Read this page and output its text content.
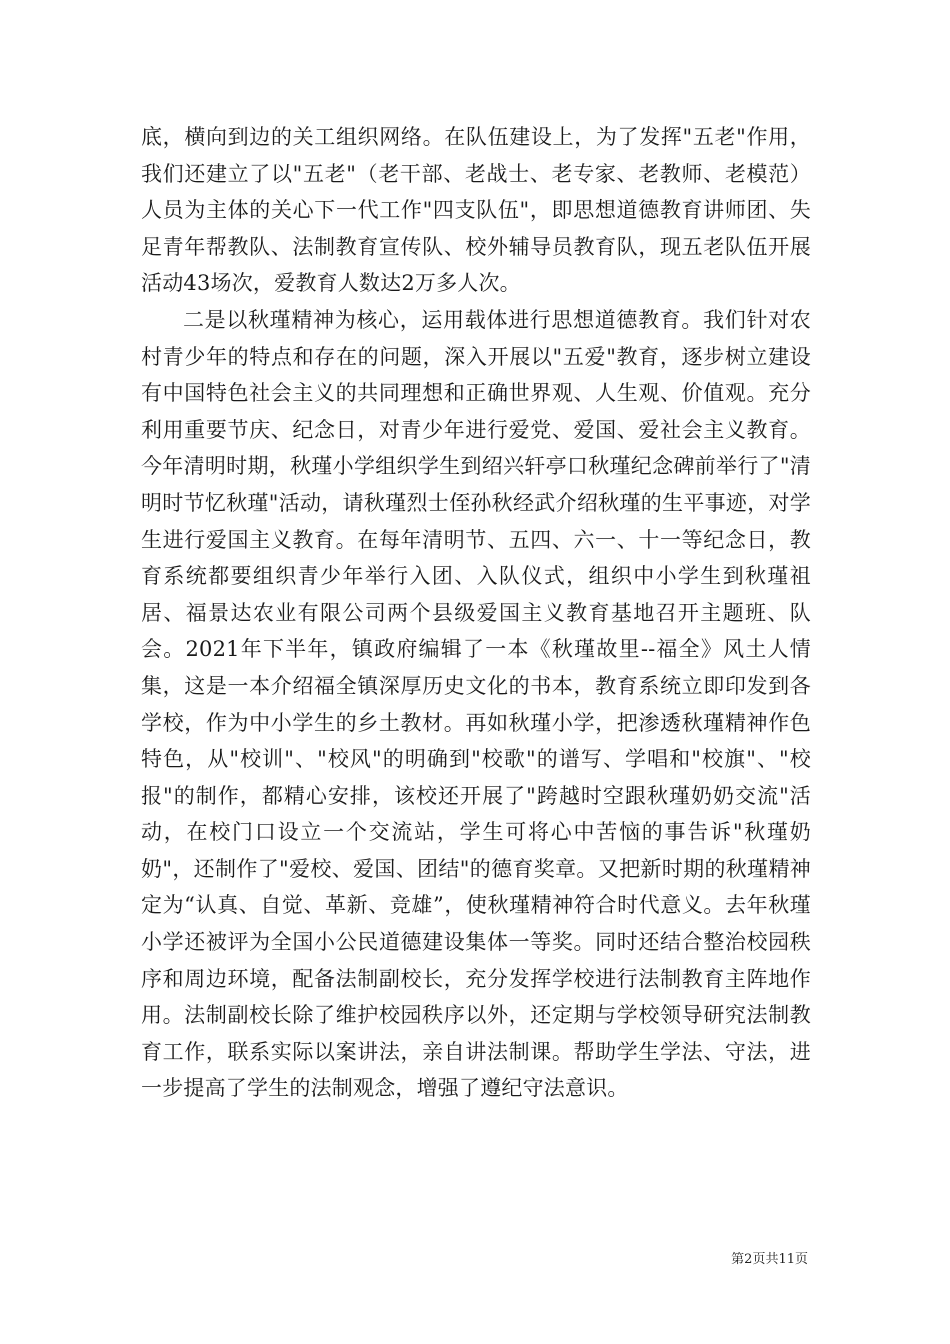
底，横向到边的关工组织网络。在队伍建设上，为了发挥"五老"作用，我们还建立了以"五老"（老干部、老战士、老专家、老教师、老模范）人员为主体的关心下一代工作"四支队伍"，即思想道德教育讲师团、失足青年帮教队、法制教育宣传队、校外辅导员教育队，现五老队伍开展活动43场次，爱教育人数达2万多人次。

二是以秋瑾精神为核心，运用载体进行思想道德教育。我们针对农村青少年的特点和存在的问题，深入开展以"五爱"教育，逐步树立建设有中国特色社会主义的共同理想和正确世界观、人生观、价值观。充分利用重要节庆、纪念日，对青少年进行爱党、爱国、爱社会主义教育。今年清明时期，秋瑾小学组织学生到绍兴轩亭口秋瑾纪念碑前举行了"清明时节忆秋瑾"活动，请秋瑾烈士侄孙秋经武介绍秋瑾的生平事迹，对学生进行爱国主义教育。在每年清明节、五四、六一、十一等纪念日，教育系统都要组织青少年举行入团、入队仪式，组织中小学生到秋瑾祖居、福景达农业有限公司两个县级爱国主义教育基地召开主题班、队会。2021年下半年，镇政府编辑了一本《秋瑾故里--福全》风土人情集，这是一本介绍福全镇深厚历史文化的书本，教育系统立即印发到各学校，作为中小学生的乡土教材。再如秋瑾小学，把渗透秋瑾精神作色特色，从"校训"、"校风"的明确到"校歌"的谱写、学唱和"校旗"、"校报"的制作，都精心安排，该校还开展了"跨越时空跟秋瑾奶奶交流"活动，在校门口设立一个交流站，学生可将心中苦恼的事告诉"秋瑾奶奶"，还制作了"爱校、爱国、团结"的德育奖章。又把新时期的秋瑾精神定为“认真、自觉、革新、竞雄”，使秋瑾精神符合时代意义。去年秋瑾小学还被评为全国小公民道德建设集体一等奖。同时还结合整治校园秩序和周边环境，配备法制副校长，充分发挥学校进行法制教育主阵地作用。法制副校长除了维护校园秩序以外，还定期与学校领导研究法制教育工作，联系实际以案讲法，亲自讲法制课。帮助学生学法、守法，进一步提高了学生的法制观念，增强了遵纪守法意识。

第2页共11页
